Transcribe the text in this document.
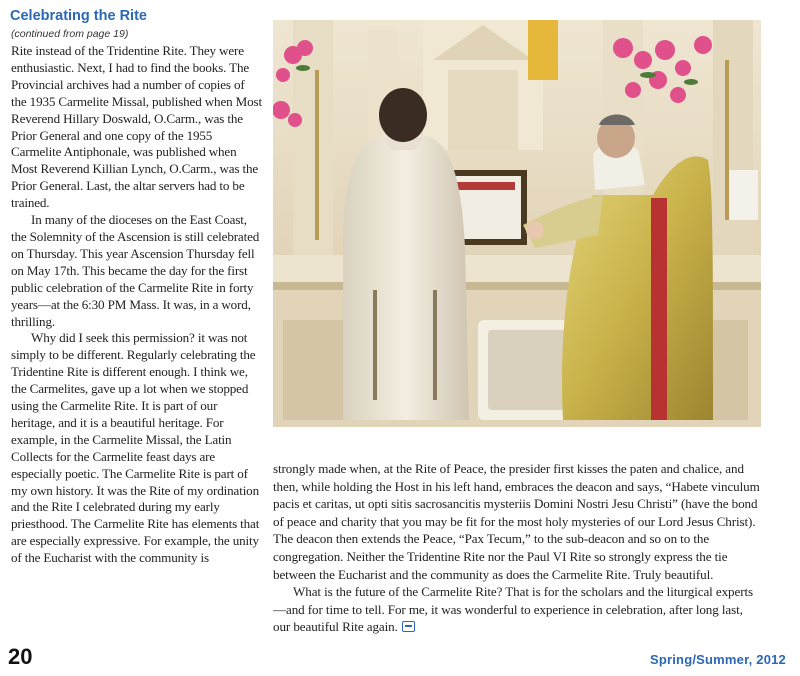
Celebrating the Rite
(continued from page 19)

Rite instead of the Tridentine Rite. They were enthusiastic. Next, I had to find the books. The Provincial archives had a number of copies of the 1935 Carmelite Missal, published when Most Reverend Hillary Doswald, O.Carm., was the Prior General and one copy of the 1955 Carmelite Antiphonale, was published when Most Reverend Killian Lynch, O.Carm., was the Prior General. Last, the altar servers had to be trained.

In many of the dioceses on the East Coast, the Solemnity of the Ascension is still celebrated on Thursday. This year Ascension Thursday fell on May 17th. This became the day for the first public celebration of the Carmelite Rite in forty years—at the 6:30 PM Mass. It was, in a word, thrilling.

Why did I seek this permission? it was not simply to be different. Regularly celebrating the Tridentine Rite is different enough. I think we, the Carmelites, gave up a lot when we stopped using the Carmelite Rite. It is part of our heritage, and it is a beautiful heritage. For example, in the Carmelite Missal, the Latin Collects for the Carmelite feast days are especially poetic. The Carmelite Rite is part of my own history. It was the Rite of my ordination and the Rite I celebrated during my early priesthood. The Carmelite Rite has elements that are especially expressive. For example, the unity of the Eucharist with the community is

strongly made when, at the Rite of Peace, the presider first kisses the paten and chalice, and then, while holding the Host in his left hand, embraces the deacon and says, “Habete vinculum pacis et caritas, ut opti sitis sacrosancitis mysteriis Domini Nostri Jesu Christi” (have the bond of peace and charity that you may be fit for the most holy mysteries of our Lord Jesus Christ). The deacon then extends the Peace, “Pax Tecum,” to the sub-deacon and so on to the congregation. Neither the Tridentine Rite nor the Paul VI Rite so strongly express the tie between the Eucharist and the community as does the Carmelite Rite. Truly beautiful.

What is the future of the Carmelite Rite? That is for the scholars and the liturgical experts—and for time to tell. For me, it was wonderful to experience in celebration, after long last, our beautiful Rite again.

20	Spring/Summer, 2012
